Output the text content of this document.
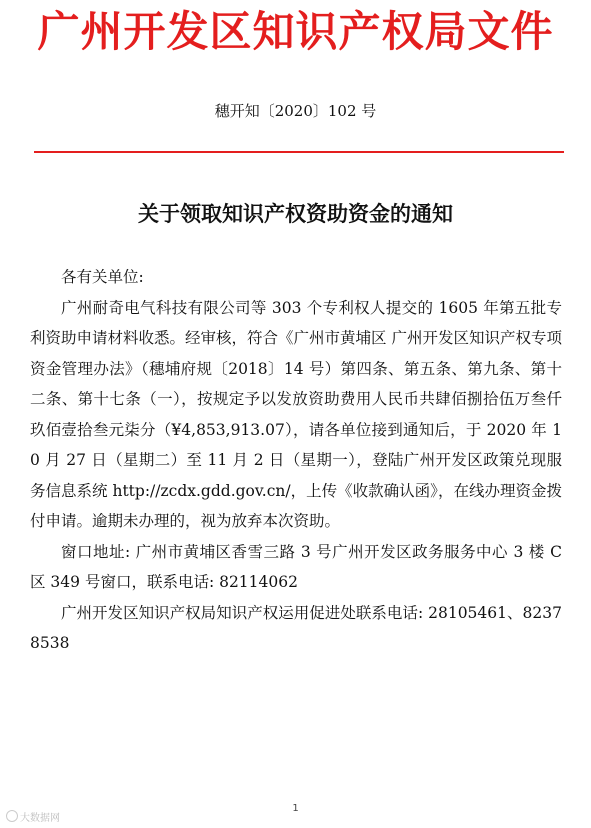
广州开发区知识产权局文件
穗开知〔2020〕102 号
关于领取知识产权资助资金的通知

各有关单位:

广州耐奇电气科技有限公司等 303 个专利权人提交的 1605 年第五批专利资助申请材料收悉。经审核，符合《广州市黄埔区 广州开发区知识产权专项资金管理办法》（穗埔府规〔2018〕14 号）第四条、第五条、第九条、第十二条、第十七条（一），按规定予以发放资助费用人民币共肆佰捌拾伍万叁仟玖佰壹拾叁元柒分（¥4,853,913.07），请各单位接到通知后，于 2020 年 10 月 27 日（星期二）至 11 月 2 日（星期一），登陆广州开发区政策兑现服务信息系统 http://zcdx.gdd.gov.cn/，上传《收款确认函》，在线办理资金拨付申请。逾期未办理的，视为放弃本次资助。

窗口地址: 广州市黄埔区香雪三路 3 号广州开发区政务服务中心 3 楼 C 区 349 号窗口，联系电话: 82114062

广州开发区知识产权局知识产权运用促进处联系电话: 28105461、82378538

1
大数据网
